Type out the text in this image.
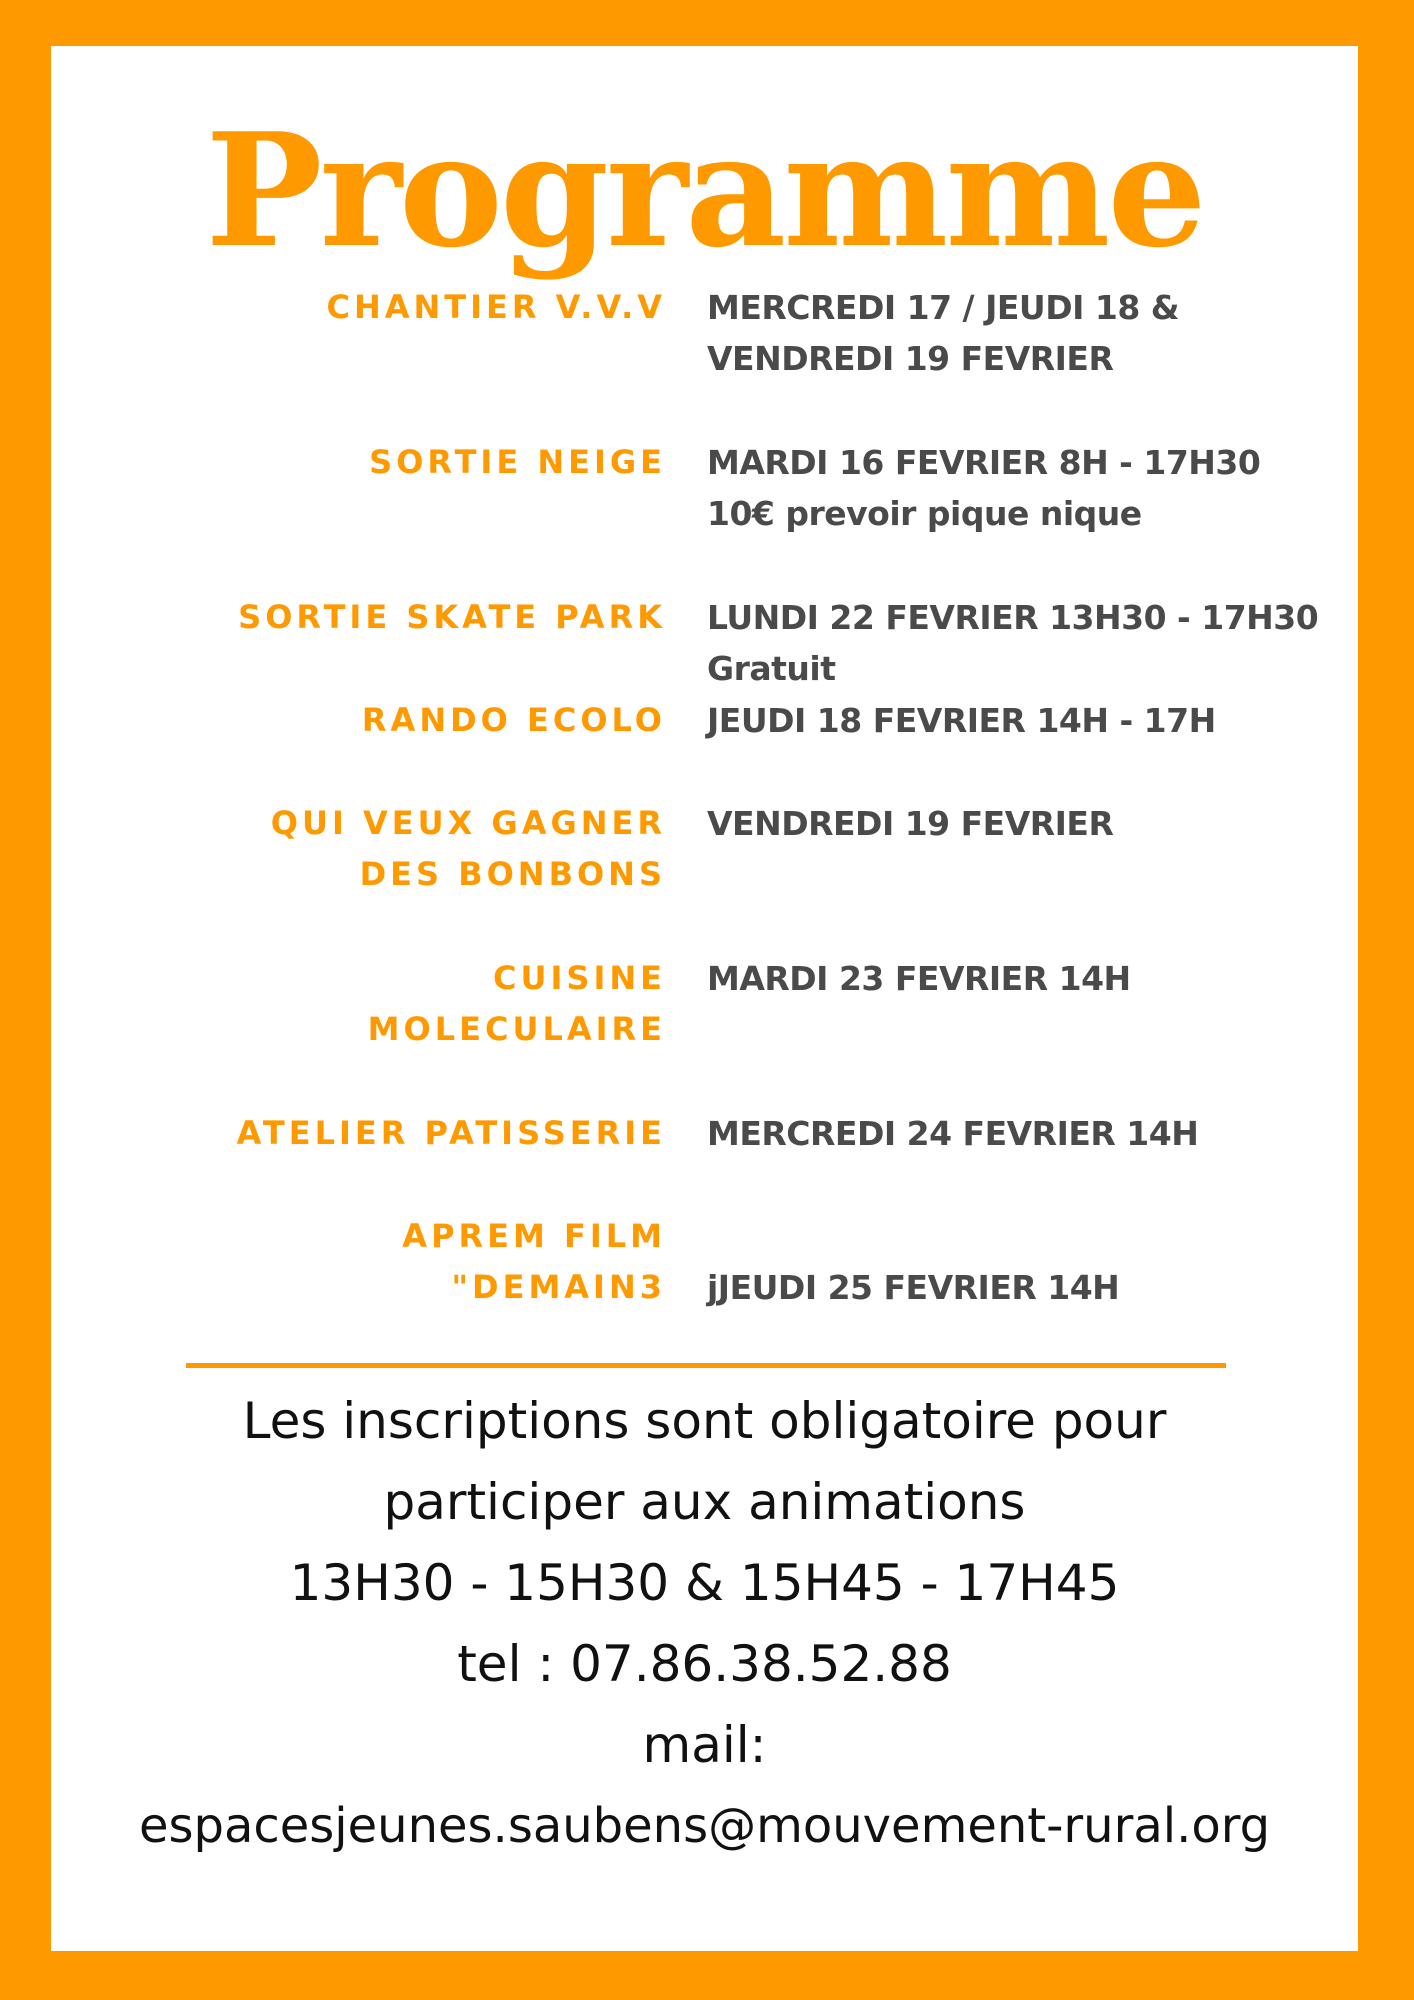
Programme
CHANTIER V.V.V MERCREDI 17 / JEUDI 18 &
VENDREDI 19 FEVRIER
SORTIE NEIGE MARDI 16 FEVRIER 8H - 17H30
10€ prevoir pique nique
SORTIE SKATE PARK LUNDI 22 FEVRIER 13H30 - 17H30
Gratuit
RANDO ECOLO JEUDI 18 FEVRIER 14H - 17H
QUI VEUX GAGNER
DES BONBONS
VENDREDI 19 FEVRIER
CUISINE
MOLECULAIRE
MARDI 23 FEVRIER 14H
ATELIER PATISSERIE MERCREDI 24 FEVRIER 14H
APREM FILM
"DEMAIN3 jJEUDI 25 FEVRIER 14H
Les inscriptions sont obligatoire pour
participer aux animations
13H30 - 15H30 & 15H45 - 17H45
tel : 07.86.38.52.88
mail:
espacesjeunes.saubens@mouvement-rural.org
